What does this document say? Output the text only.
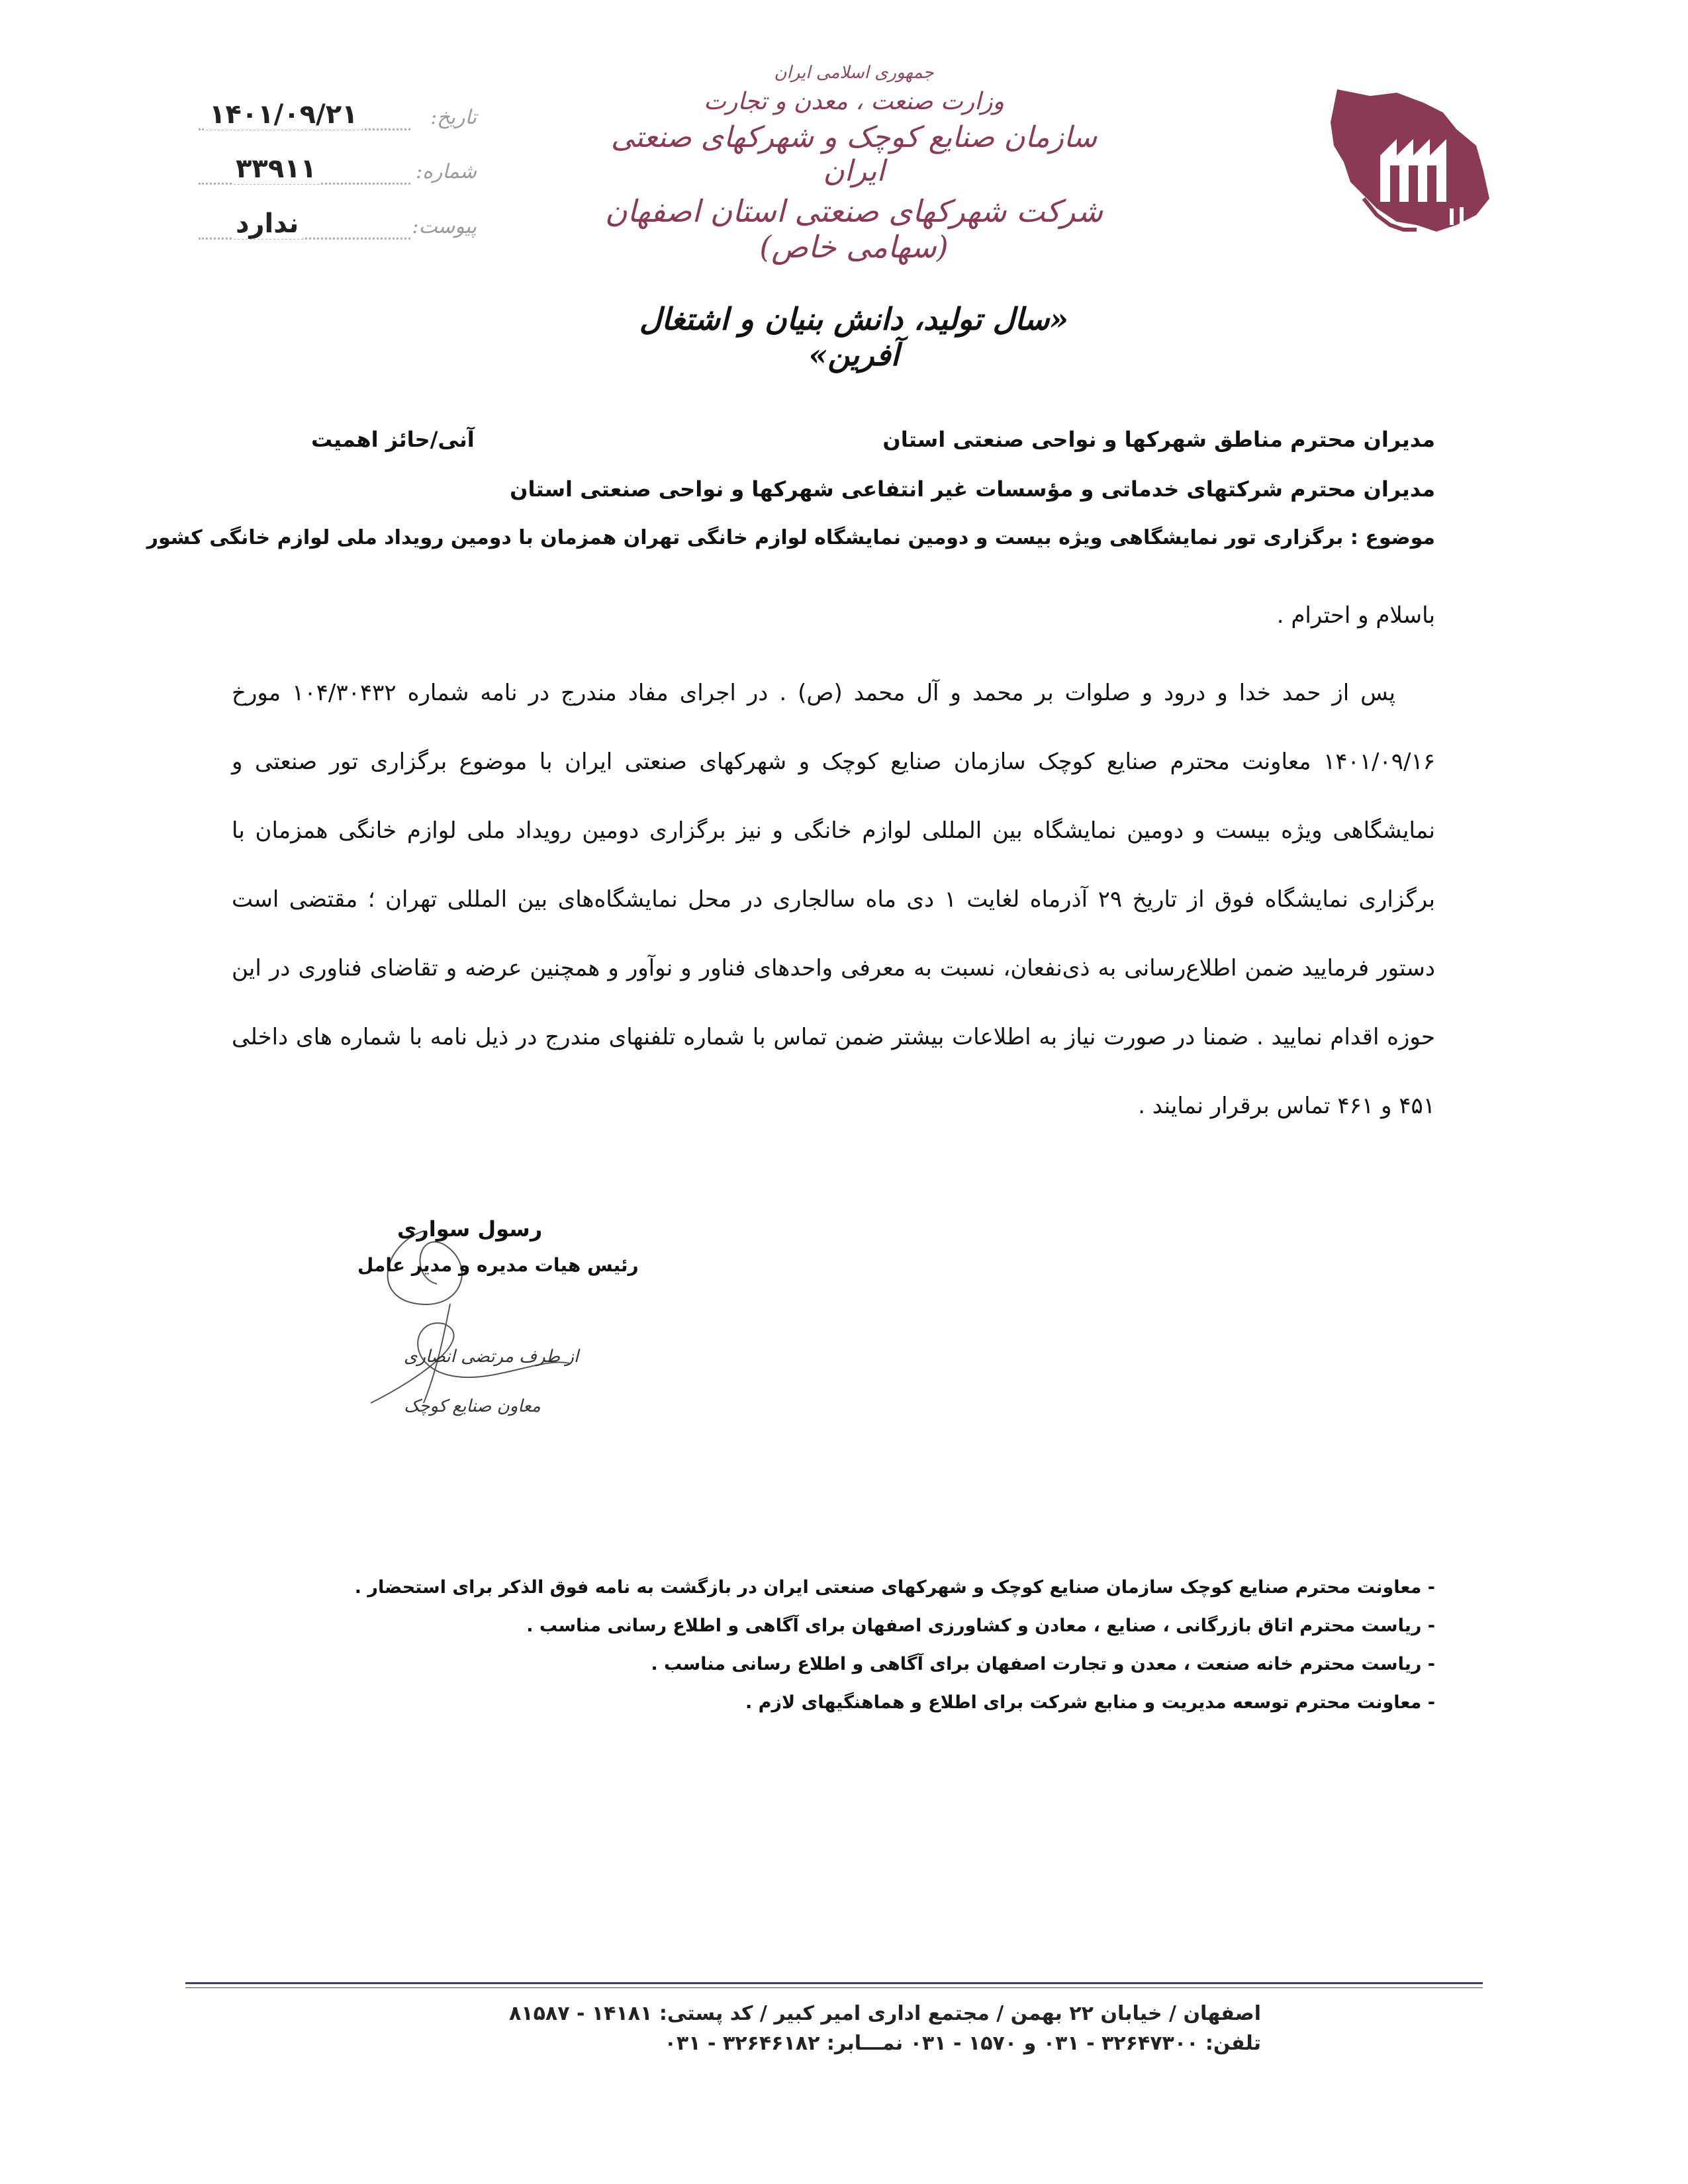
تاریخ:
۱۴۰۱/۰۹/۲۱
شماره:
۳۳۹۱۱
پیوست:
ندارد
جمهوری اسلامی ایران
وزارت صنعت ، معدن و تجارت
سازمان صنایع کوچک و شهرکهای صنعتی ایران
شرکت شهرکهای صنعتی استان اصفهان (سهامی خاص)
«سال تولید، دانش بنیان و اشتغال آفرین»
مدیران محترم مناطق شهرکها و نواحی صنعتی استان
آنی/حائز اهمیت
مدیران محترم شرکتهای خدماتی و مؤسسات غیر انتفاعی شهرکها و نواحی صنعتی استان
موضوع : برگزاری تور نمایشگاهی ویژه بیست و دومین نمایشگاه لوازم خانگی تهران همزمان با دومین رویداد ملی لوازم خانگی کشور
باسلام و احترام .
پس از حمد خدا و درود و صلوات بر محمد و آل محمد (ص) . در اجرای مفاد مندرج در نامه شماره ۱۰۴/۳۰۴۳۲ مورخ ۱۴۰۱/۰۹/۱۶ معاونت محترم صنایع کوچک سازمان صنایع کوچک و شهرکهای صنعتی ایران با موضوع برگزاری تور صنعتی و نمایشگاهی ویژه بیست و دومین نمایشگاه بین المللی لوازم خانگی و نیز برگزاری دومین رویداد ملی لوازم خانگی همزمان با برگزاری نمایشگاه فوق از تاریخ ۲۹ آذرماه لغایت ۱ دی ماه سالجاری در محل نمایشگاه‌های بین المللی تهران ؛ مقتضی است دستور فرمایید ضمن اطلاع‌رسانی به ذی‌نفعان، نسبت به معرفی واحدهای فناور و نوآور و همچنین عرضه و تقاضای فناوری در این حوزه اقدام نمایید . ضمنا در صورت نیاز به اطلاعات بیشتر ضمن تماس با شماره تلفنهای مندرج در ذیل نامه با شماره های داخلی ۴۵۱ و ۴۶۱ تماس برقرار نمایند .
رسول سواری
رئیس هیات مدیره و مدیر عامل
از طرف مرتضی انصاری
معاون صنایع کوچک
- معاونت محترم صنایع کوچک سازمان صنایع کوچک و شهرکهای صنعتی ایران در بازگشت به نامه فوق الذکر برای استحضار .
- ریاست محترم اتاق بازرگانی ، صنایع ، معادن و کشاورزی اصفهان برای آگاهی و اطلاع رسانی مناسب .
- ریاست محترم خانه صنعت ، معدن و تجارت اصفهان برای آگاهی و اطلاع رسانی مناسب .
- معاونت محترم توسعه مدیریت و منابع شرکت برای اطلاع و هماهنگیهای لازم .
اصفهان / خیابان ۲۲ بهمن / مجتمع اداری امیر کبیر / کد پستی: ۱۴۱۸۱ - ۸۱۵۸۷
تلفن: ۳۲۶۴۷۳۰۰ - ۰۳۱ و ۱۵۷۰ - ۰۳۱ نمـــابر: ۳۲۶۴۶۱۸۲ - ۰۳۱
